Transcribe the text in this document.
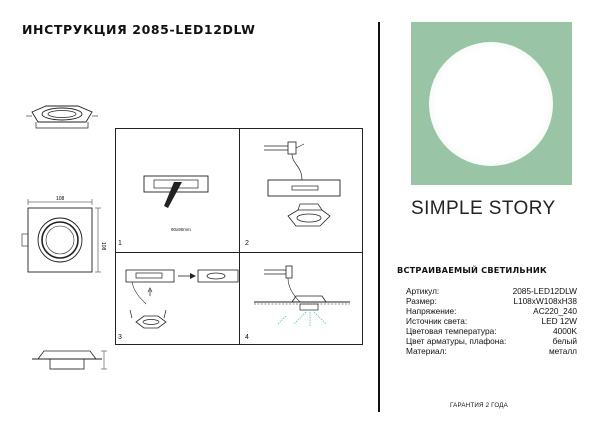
ИНСТРУКЦИЯ 2085-LED12DLW
108
108
90x90mm
1	2
3	4
SIMPLE STORY
ВСТРАИВАЕМЫЙ СВЕТИЛЬНИК
Артикул:	2085-LED12DLW
Размер:	L108xW108xH38
Напряжение:	AC220_240
Источник света:	LED 12W
Цветовая температура:	4000K
Цвет арматуры, плафона:	белый
Материал:	металл
ГАРАНТИЯ 2 ГОДА
